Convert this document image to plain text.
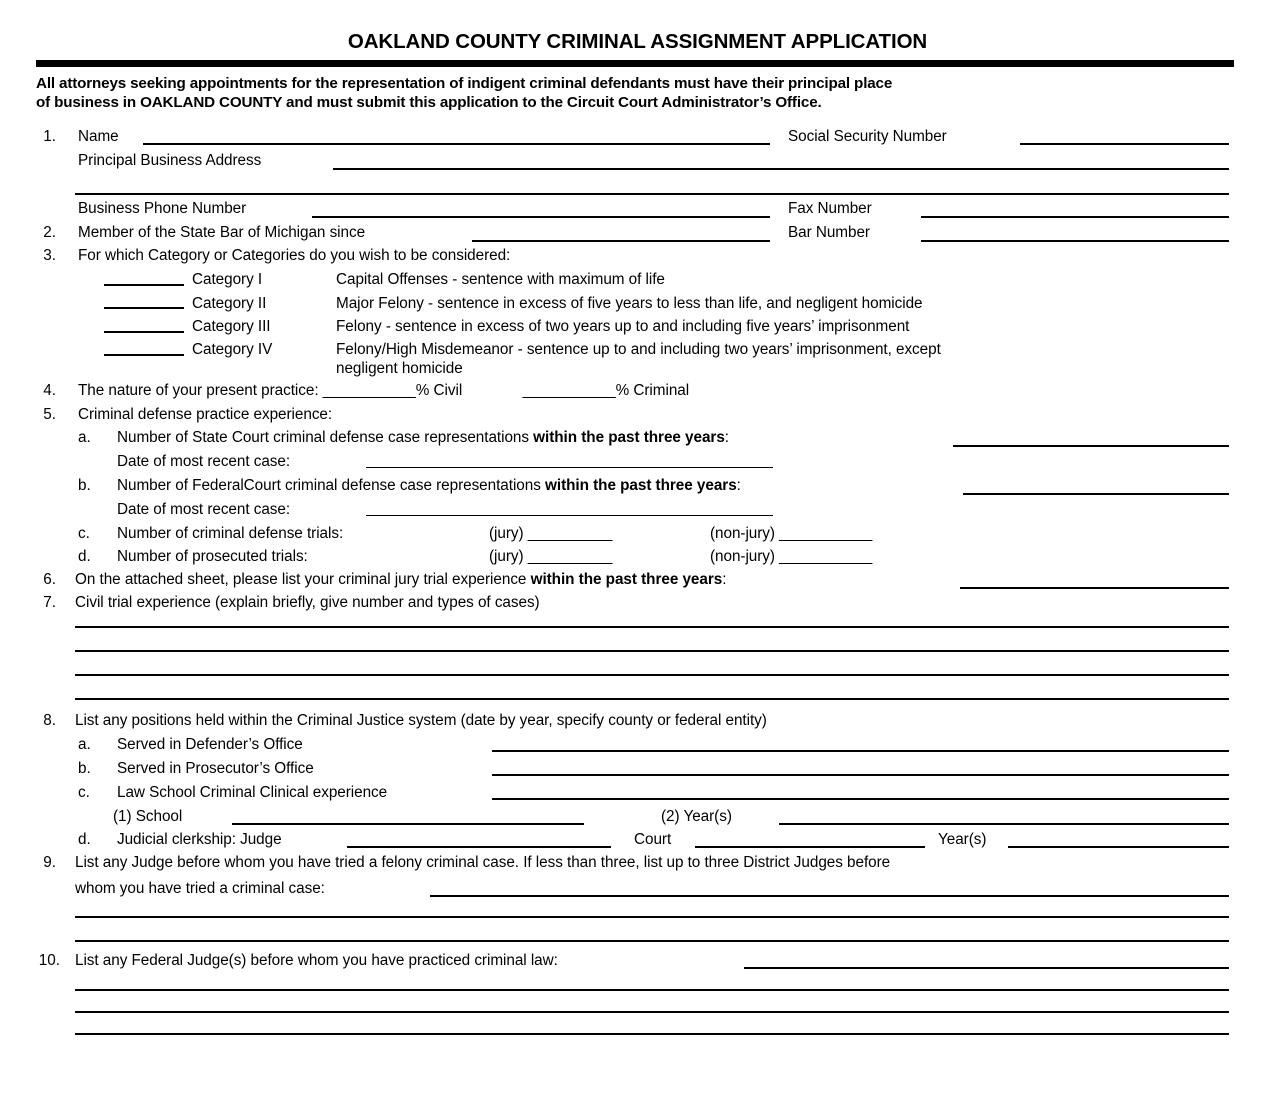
OAKLAND COUNTY CRIMINAL ASSIGNMENT APPLICATION
All attorneys seeking appointments for the representation of indigent criminal defendants must have their principal place
of business in OAKLAND COUNTY and must submit this application to the Circuit Court Administrator’s Office.
1. Name	Social Security Number
Principal Business Address
Business Phone Number	Fax Number
2. Member of the State Bar of Michigan since	Bar Number
3. For which Category or Categories do you wish to be considered:
Category I	Capital Offenses - sentence with maximum of life
Category II	Major Felony - sentence in excess of five years to less than life, and negligent homicide
Category III	Felony - sentence in excess of two years up to and including five years’ imprisonment
Category IV	Felony/High Misdemeanor - sentence up to and including two years’ imprisonment, except
negligent homicide
4. The nature of your present practice: ___________% Civil	___________% Criminal
5. Criminal defense practice experience:
a. Number of State Court criminal defense case representations within the past three years:
Date of most recent case:
b. Number of FederalCourt criminal defense case representations within the past three years:
Date of most recent case:
c. Number of criminal defense trials:	(jury) __________	(non-jury) ___________
d. Number of prosecuted trials:	(jury) __________	(non-jury) ___________
6. On the attached sheet, please list your criminal jury trial experience within the past three years:
7. Civil trial experience (explain briefly, give number and types of cases)
8. List any positions held within the Criminal Justice system (date by year, specify county or federal entity)
a. Served in Defender’s Office
b. Served in Prosecutor’s Office
c. Law School Criminal Clinical experience
(1) School	(2) Year(s)
d. Judicial clerkship: Judge	Court	Year(s)
9. List any Judge before whom you have tried a felony criminal case. If less than three, list up to three District Judges before
whom you have tried a criminal case:
10. List any Federal Judge(s) before whom you have practiced criminal law:
